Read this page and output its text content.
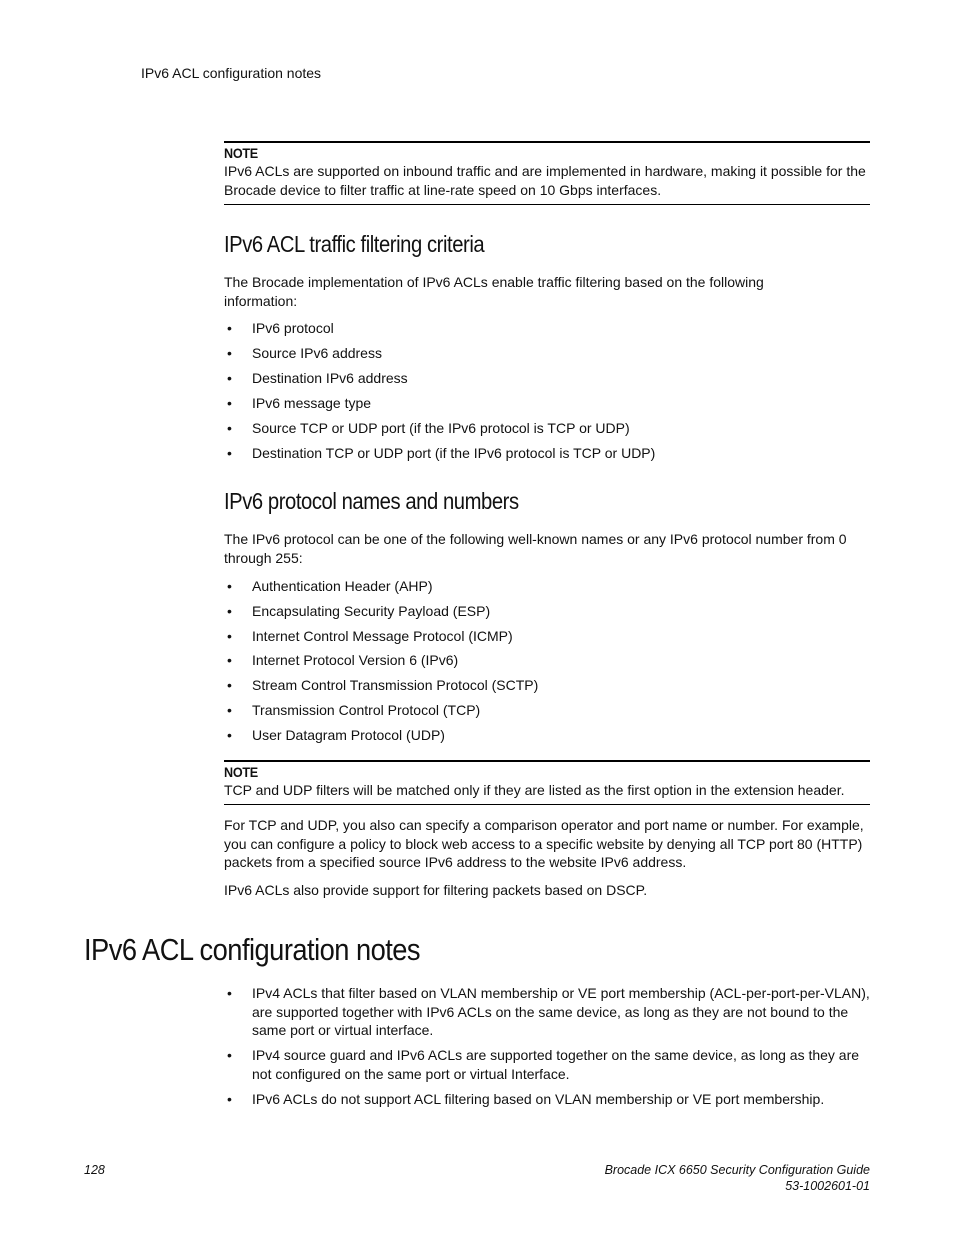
IPv6 ACL configuration notes
NOTE
IPv6 ACLs are supported on inbound traffic and are implemented in hardware, making it possible for the Brocade device to filter traffic at line-rate speed on 10 Gbps interfaces.
IPv6 ACL traffic filtering criteria
The Brocade implementation of IPv6 ACLs enable traffic filtering based on the following information:
• IPv6 protocol
• Source IPv6 address
• Destination IPv6 address
• IPv6 message type
• Source TCP or UDP port (if the IPv6 protocol is TCP or UDP)
• Destination TCP or UDP port (if the IPv6 protocol is TCP or UDP)
IPv6 protocol names and numbers
The IPv6 protocol can be one of the following well-known names or any IPv6 protocol number from 0 through 255:
• Authentication Header (AHP)
• Encapsulating Security Payload (ESP)
• Internet Control Message Protocol (ICMP)
• Internet Protocol Version 6 (IPv6)
• Stream Control Transmission Protocol (SCTP)
• Transmission Control Protocol (TCP)
• User Datagram Protocol (UDP)
NOTE
TCP and UDP filters will be matched only if they are listed as the first option in the extension header.
For TCP and UDP, you also can specify a comparison operator and port name or number. For example, you can configure a policy to block web access to a specific website by denying all TCP port 80 (HTTP) packets from a specified source IPv6 address to the website IPv6 address.
IPv6 ACLs also provide support for filtering packets based on DSCP.
IPv6 ACL configuration notes
• IPv4 ACLs that filter based on VLAN membership or VE port membership (ACL-per-port-per-VLAN), are supported together with IPv6 ACLs on the same device, as long as they are not bound to the same port or virtual interface.
• IPv4 source guard and IPv6 ACLs are supported together on the same device, as long as they are not configured on the same port or virtual Interface.
• IPv6 ACLs do not support ACL filtering based on VLAN membership or VE port membership.
128	Brocade ICX 6650 Security Configuration Guide
53-1002601-01
